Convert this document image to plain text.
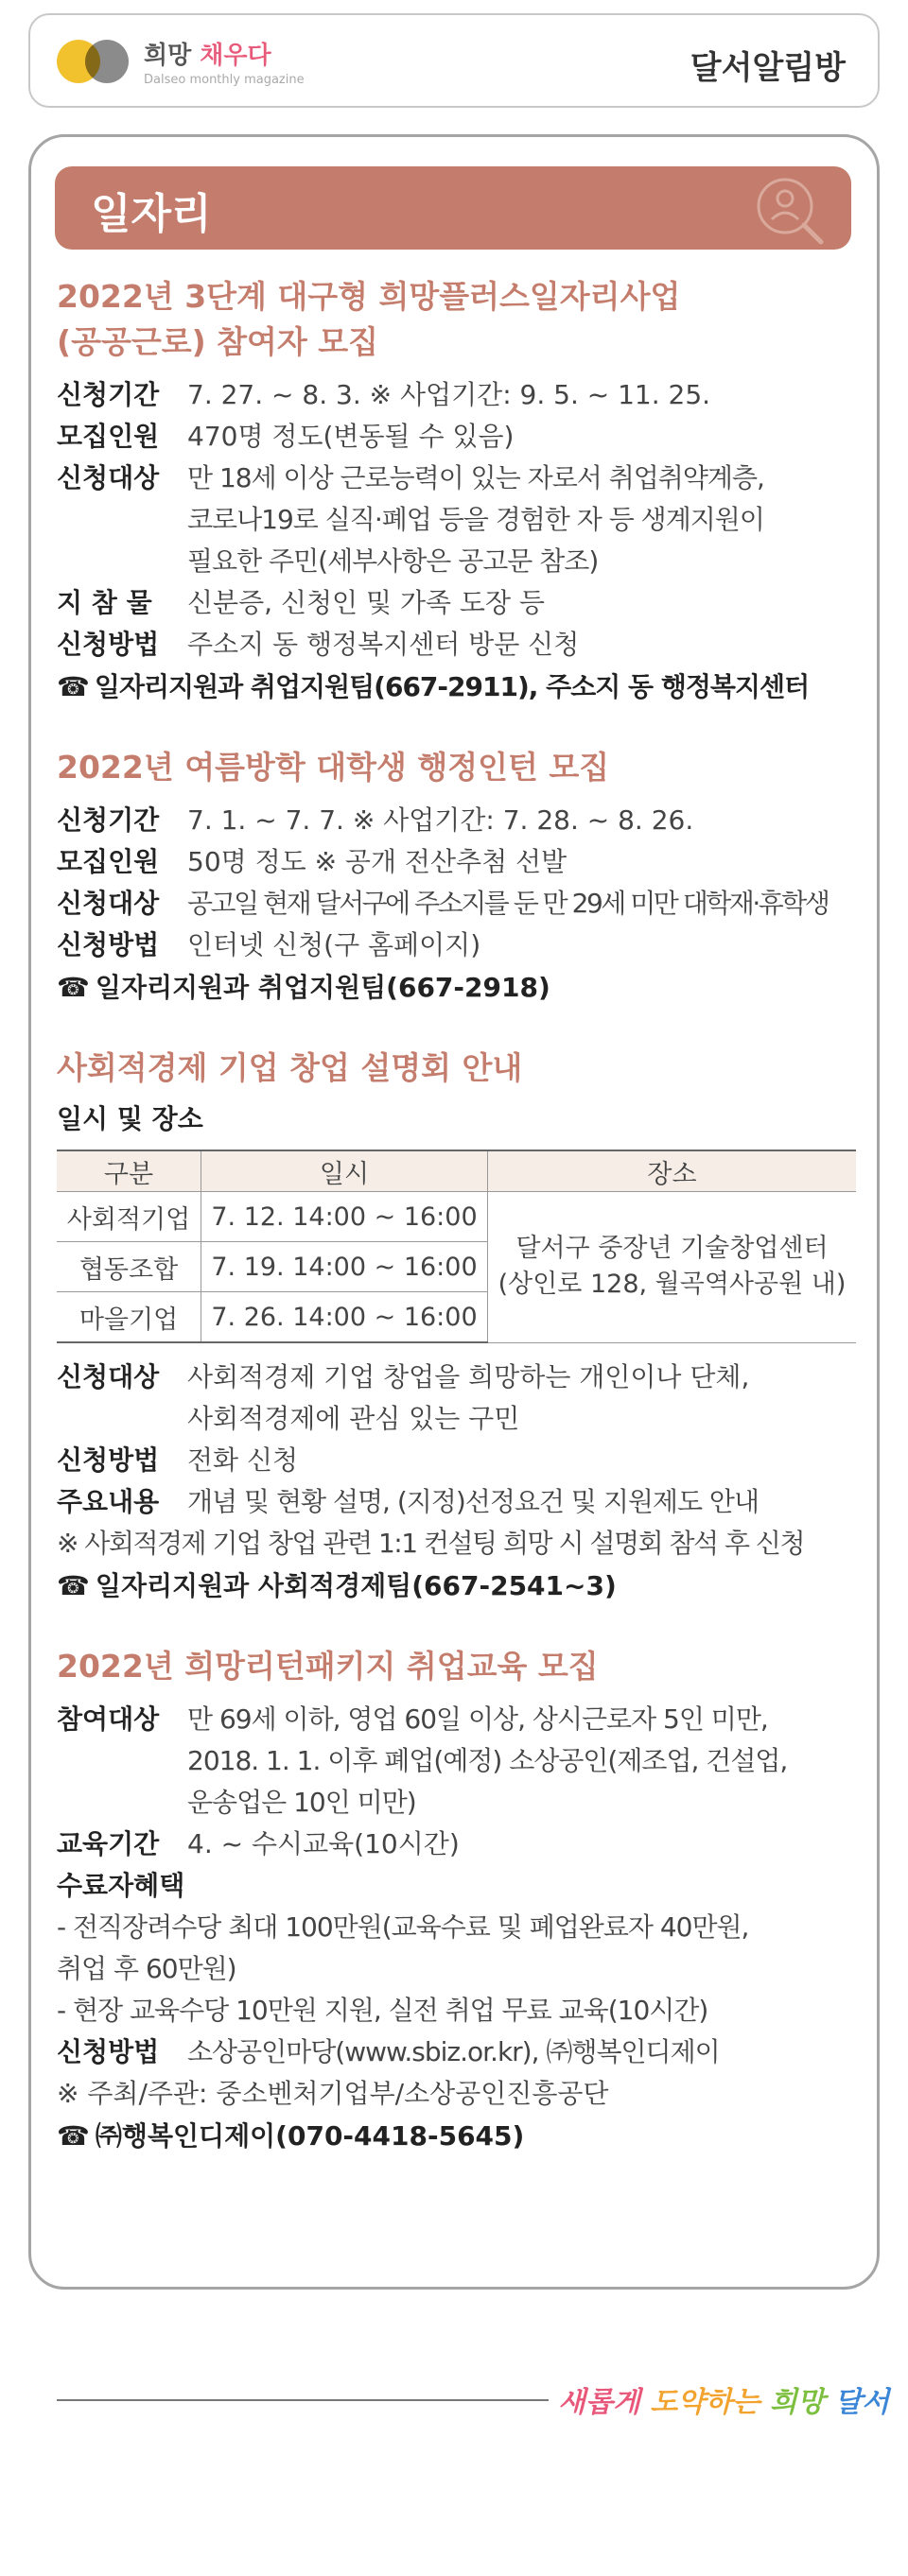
희망 채우다
Dalseo monthly magazine	달서알림방
일자리
2022년 3단계 대구형 희망플러스일자리사업
(공공근로) 참여자 모집
신청기간	7. 27. ~ 8. 3. ※ 사업기간: 9. 5. ~ 11. 25.
모집인원	470명 정도(변동될 수 있음)
신청대상	만 18세 이상 근로능력이 있는 자로서 취업취약계층,
코로나19로 실직·폐업 등을 경험한 자 등 생계지원이
필요한 주민(세부사항은 공고문 참조)
지 참 물	신분증, 신청인 및 가족 도장 등
신청방법	주소지 동 행정복지센터 방문 신청
☎ 일자리지원과 취업지원팀(667-2911), 주소지 동 행정복지센터
2022년 여름방학 대학생 행정인턴 모집
신청기간	7. 1. ~ 7. 7. ※ 사업기간: 7. 28. ~ 8. 26.
모집인원	50명 정도 ※ 공개 전산추첨 선발
신청대상	공고일 현재 달서구에 주소지를 둔 만 29세 미만 대학재·휴학생
신청방법	인터넷 신청(구 홈페이지)
☎ 일자리지원과 취업지원팀(667-2918)
사회적경제 기업 창업 설명회 안내
일시 및 장소
구분	일시	장소
사회적기업	7. 12. 14:00 ~ 16:00	달서구 중장년 기술창업센터
(상인로 128, 월곡역사공원 내)

협동조합	7. 19. 14:00 ~ 16:00	
마을기업	7. 26. 14:00 ~ 16:00	
신청대상	사회적경제 기업 창업을 희망하는 개인이나 단체,
사회적경제에 관심 있는 구민
신청방법	전화 신청
주요내용	개념 및 현황 설명, (지정)선정요건 및 지원제도 안내
※ 사회적경제 기업 창업 관련 1:1 컨설팅 희망 시 설명회 참석 후 신청
☎ 일자리지원과 사회적경제팀(667-2541~3)
2022년 희망리턴패키지 취업교육 모집
참여대상	만 69세 이하, 영업 60일 이상, 상시근로자 5인 미만,
2018. 1. 1. 이후 폐업(예정) 소상공인(제조업, 건설업,
운송업은 10인 미만)
교육기간	4. ~ 수시교육(10시간)
수료자혜택
- 전직장려수당 최대 100만원(교육수료 및 폐업완료자 40만원,
취업 후 60만원)
- 현장 교육수당 10만원 지원, 실전 취업 무료 교육(10시간)
신청방법	소상공인마당(www.sbiz.or.kr), ㈜행복인디제이
※ 주최/주관: 중소벤처기업부/소상공인진흥공단
☎ ㈜행복인디제이(070-4418-5645)
새롭게 도약하는 희망 달서
